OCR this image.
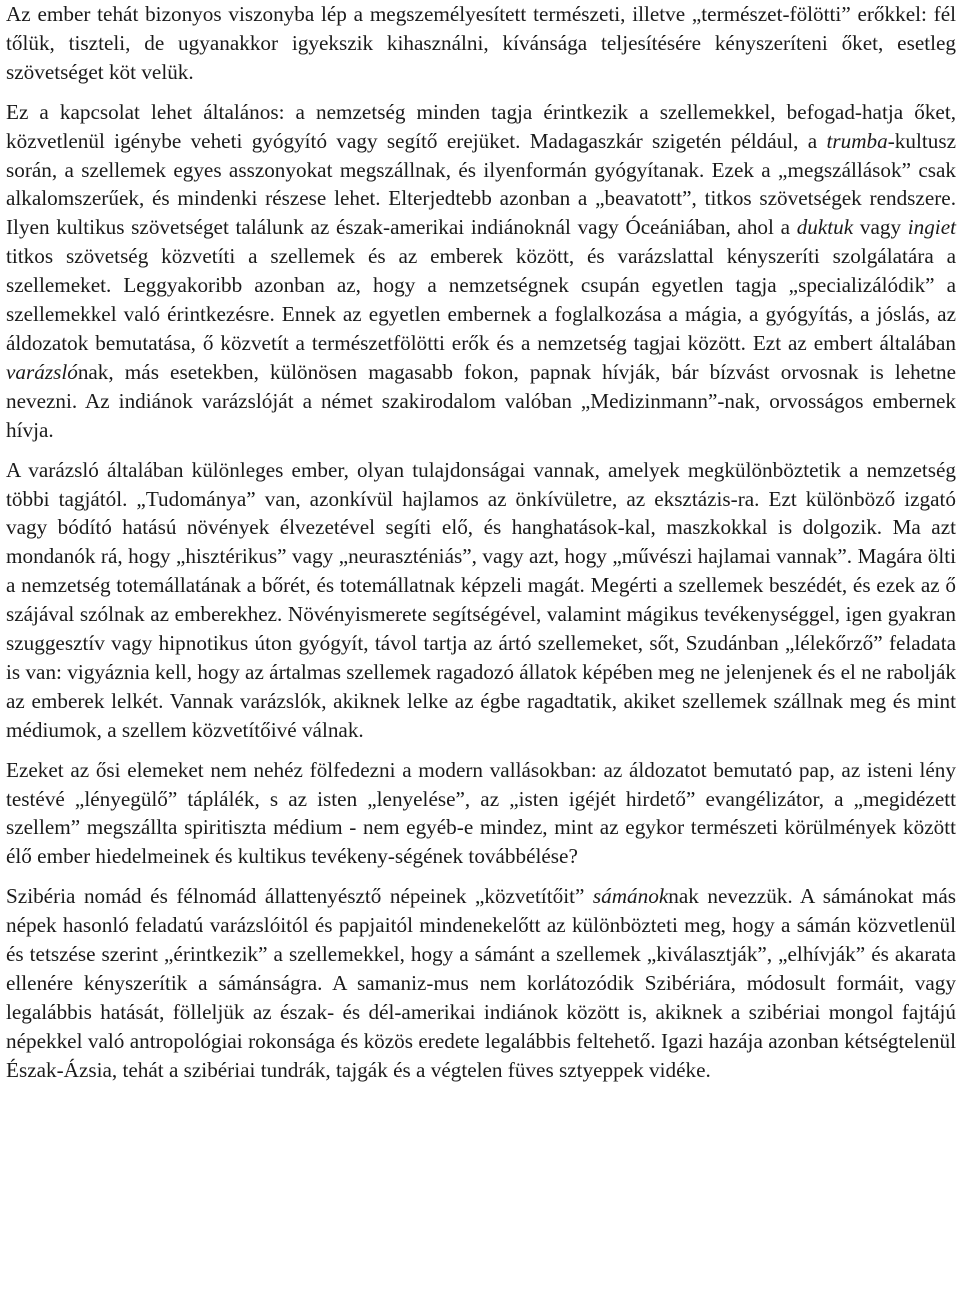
Az ember tehát bizonyos viszonyba lép a megszemélyesített természeti, illetve „természet-fölötti” erőkkel: fél tőlük, tiszteli, de ugyanakkor igyekszik kihasználni, kívánsága teljesítésére kényszeríteni őket, esetleg szövetséget köt velük.

Ez a kapcsolat lehet általános: a nemzetség minden tagja érintkezik a szellemekkel, befogad-hatja őket, közvetlenül igénybe veheti gyógyító vagy segítő erejüket. Madagaszkár szigetén például, a trumba-kultusz során, a szellemek egyes asszonyokat megszállnak, és ilyenformán gyógyítanak. Ezek a „megszállások” csak alkalomszerűek, és mindenki részese lehet. Elterjedtebb azonban a „beavatott”, titkos szövetségek rendszere. Ilyen kultikus szövetséget találunk az észak-amerikai indiánoknál vagy Óceániában, ahol a duktuk vagy ingiet titkos szövetség közvetíti a szellemek és az emberek között, és varázslattal kényszeríti szolgálatára a szellemeket. Leggyakoribb azonban az, hogy a nemzetségnek csupán egyetlen tagja „specializálódik” a szellemekkel való érintkezésre. Ennek az egyetlen embernek a foglalkozása a mágia, a gyógyítás, a jóslás, az áldozatok bemutatása, ő közvetít a természetfölötti erők és a nemzetség tagjai között. Ezt az embert általában varázslónak, más esetekben, különösen magasabb fokon, papnak hívják, bár bízvást orvosnak is lehetne nevezni. Az indiánok varázslóját a német szakirodalom valóban „Medizinmann”-nak, orvosságos embernek hívja.

A varázsló általában különleges ember, olyan tulajdonságai vannak, amelyek megkülönböztetik a nemzetség többi tagjától. „Tudománya” van, azonkívül hajlamos az önkívületre, az eksztázis-ra. Ezt különböző izgató vagy bódító hatású növények élvezetével segíti elő, és hanghatások-kal, maszkokkal is dolgozik. Ma azt mondanók rá, hogy „hisztérikus” vagy „neuraszténiás”, vagy azt, hogy „művészi hajlamai vannak”. Magára ölti a nemzetség totemállatának a bőrét, és totemállatnak képzeli magát. Megérti a szellemek beszédét, és ezek az ő szájával szólnak az emberekhez. Növényismerete segítségével, valamint mágikus tevékenységgel, igen gyakran szuggesztív vagy hipnotikus úton gyógyít, távol tartja az ártó szellemeket, sőt, Szudánban „lélekőrző” feladata is van: vigyáznia kell, hogy az ártalmas szellemek ragadozó állatok képében meg ne jelenjenek és el ne rabolják az emberek lelkét. Vannak varázslók, akiknek lelke az égbe ragadtatik, akiket szellemek szállnak meg és mint médiumok, a szellem közvetítőivé válnak.

Ezeket az ősi elemeket nem nehéz fölfedezni a modern vallásokban: az áldozatot bemutató pap, az isteni lény testévé „lényegülő” táplálék, s az isten „lenyelése”, az „isten igéjét hirdető” evangélizátor, a „megidézett szellem” megszállta spiritiszta médium - nem egyéb-e mindez, mint az egykor természeti körülmények között élő ember hiedelmeinek és kultikus tevékeny-ségének továbbélése?

Szibéria nomád és félnomád állattenyésztő népeinek „közvetítőit” sámánoknak nevezzük. A sámánokat más népek hasonló feladatú varázslóitól és papjaitól mindenekelőtt az különbözteti meg, hogy a sámán közvetlenül és tetszése szerint „érintkezik” a szellemekkel, hogy a sámánt a szellemek „kiválasztják”, „elhívják” és akarata ellenére kényszerítik a sámánságra. A samaniz-mus nem korlátozódik Szibériára, módosult formáit, vagy legalábbis hatását, fölleljük az észak- és dél-amerikai indiánok között is, akiknek a szibériai mongol fajtájú népekkel való antropológiai rokonsága és közös eredete legalábbis feltehető. Igazi hazája azonban kétségtelenül Észak-Ázsia, tehát a szibériai tundrák, tajgák és a végtelen füves sztyeppek vidéke.
